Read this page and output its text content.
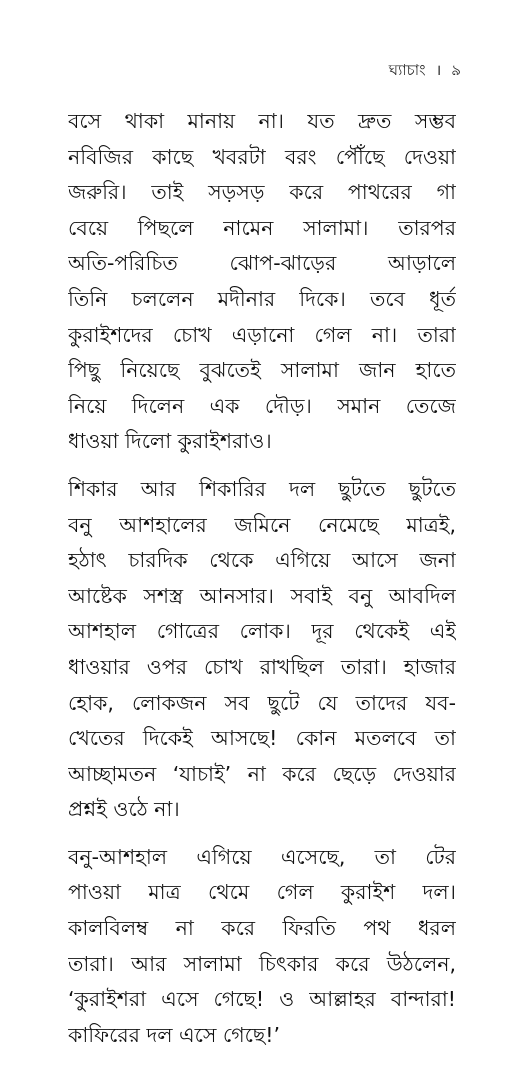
ঘ্যাচাং । ৯
বসে থাকা মানায় না। যত দ্রুত সম্ভব
নবিজির কাছে খবরটা বরং পৌঁছে দেওয়া
জরুরি। তাই সড়সড় করে পাথরের গা
বেয়ে পিছলে নামেন সালামা। তারপর
অতি-পরিচিত ঝোপ-ঝাড়ের আড়ালে
তিনি চললেন মদীনার দিকে। তবে ধূর্ত
কুরাইশদের চোখ এড়ানো গেল না। তারা
পিছু নিয়েছে বুঝতেই সালামা জান হাতে
নিয়ে দিলেন এক দৌড়। সমান তেজে
ধাওয়া দিলো কুরাইশরাও।
শিকার আর শিকারির দল ছুটতে ছুটতে
বনু আশহালের জমিনে নেমেছে মাত্রই,
হঠাৎ চারদিক থেকে এগিয়ে আসে জনা
আষ্টেক সশস্ত্র আনসার। সবাই বনু আবদিল
আশহাল গোত্রের লোক। দূর থেকেই এই
ধাওয়ার ওপর চোখ রাখছিল তারা। হাজার
হোক, লোকজন সব ছুটে যে তাদের যব-
খেতের দিকেই আসছে! কোন মতলবে তা
আচ্ছামতন ‘যাচাই’ না করে ছেড়ে দেওয়ার
প্রশ্নই ওঠে না।
বনু-আশহাল এগিয়ে এসেছে, তা টের
পাওয়া মাত্র থেমে গেল কুরাইশ দল।
কালবিলম্ব না করে ফিরতি পথ ধরল
তারা। আর সালামা চিৎকার করে উঠলেন,
‘কুরাইশরা এসে গেছে! ও আল্লাহর বান্দারা!
কাফিরের দল এসে গেছে!’
